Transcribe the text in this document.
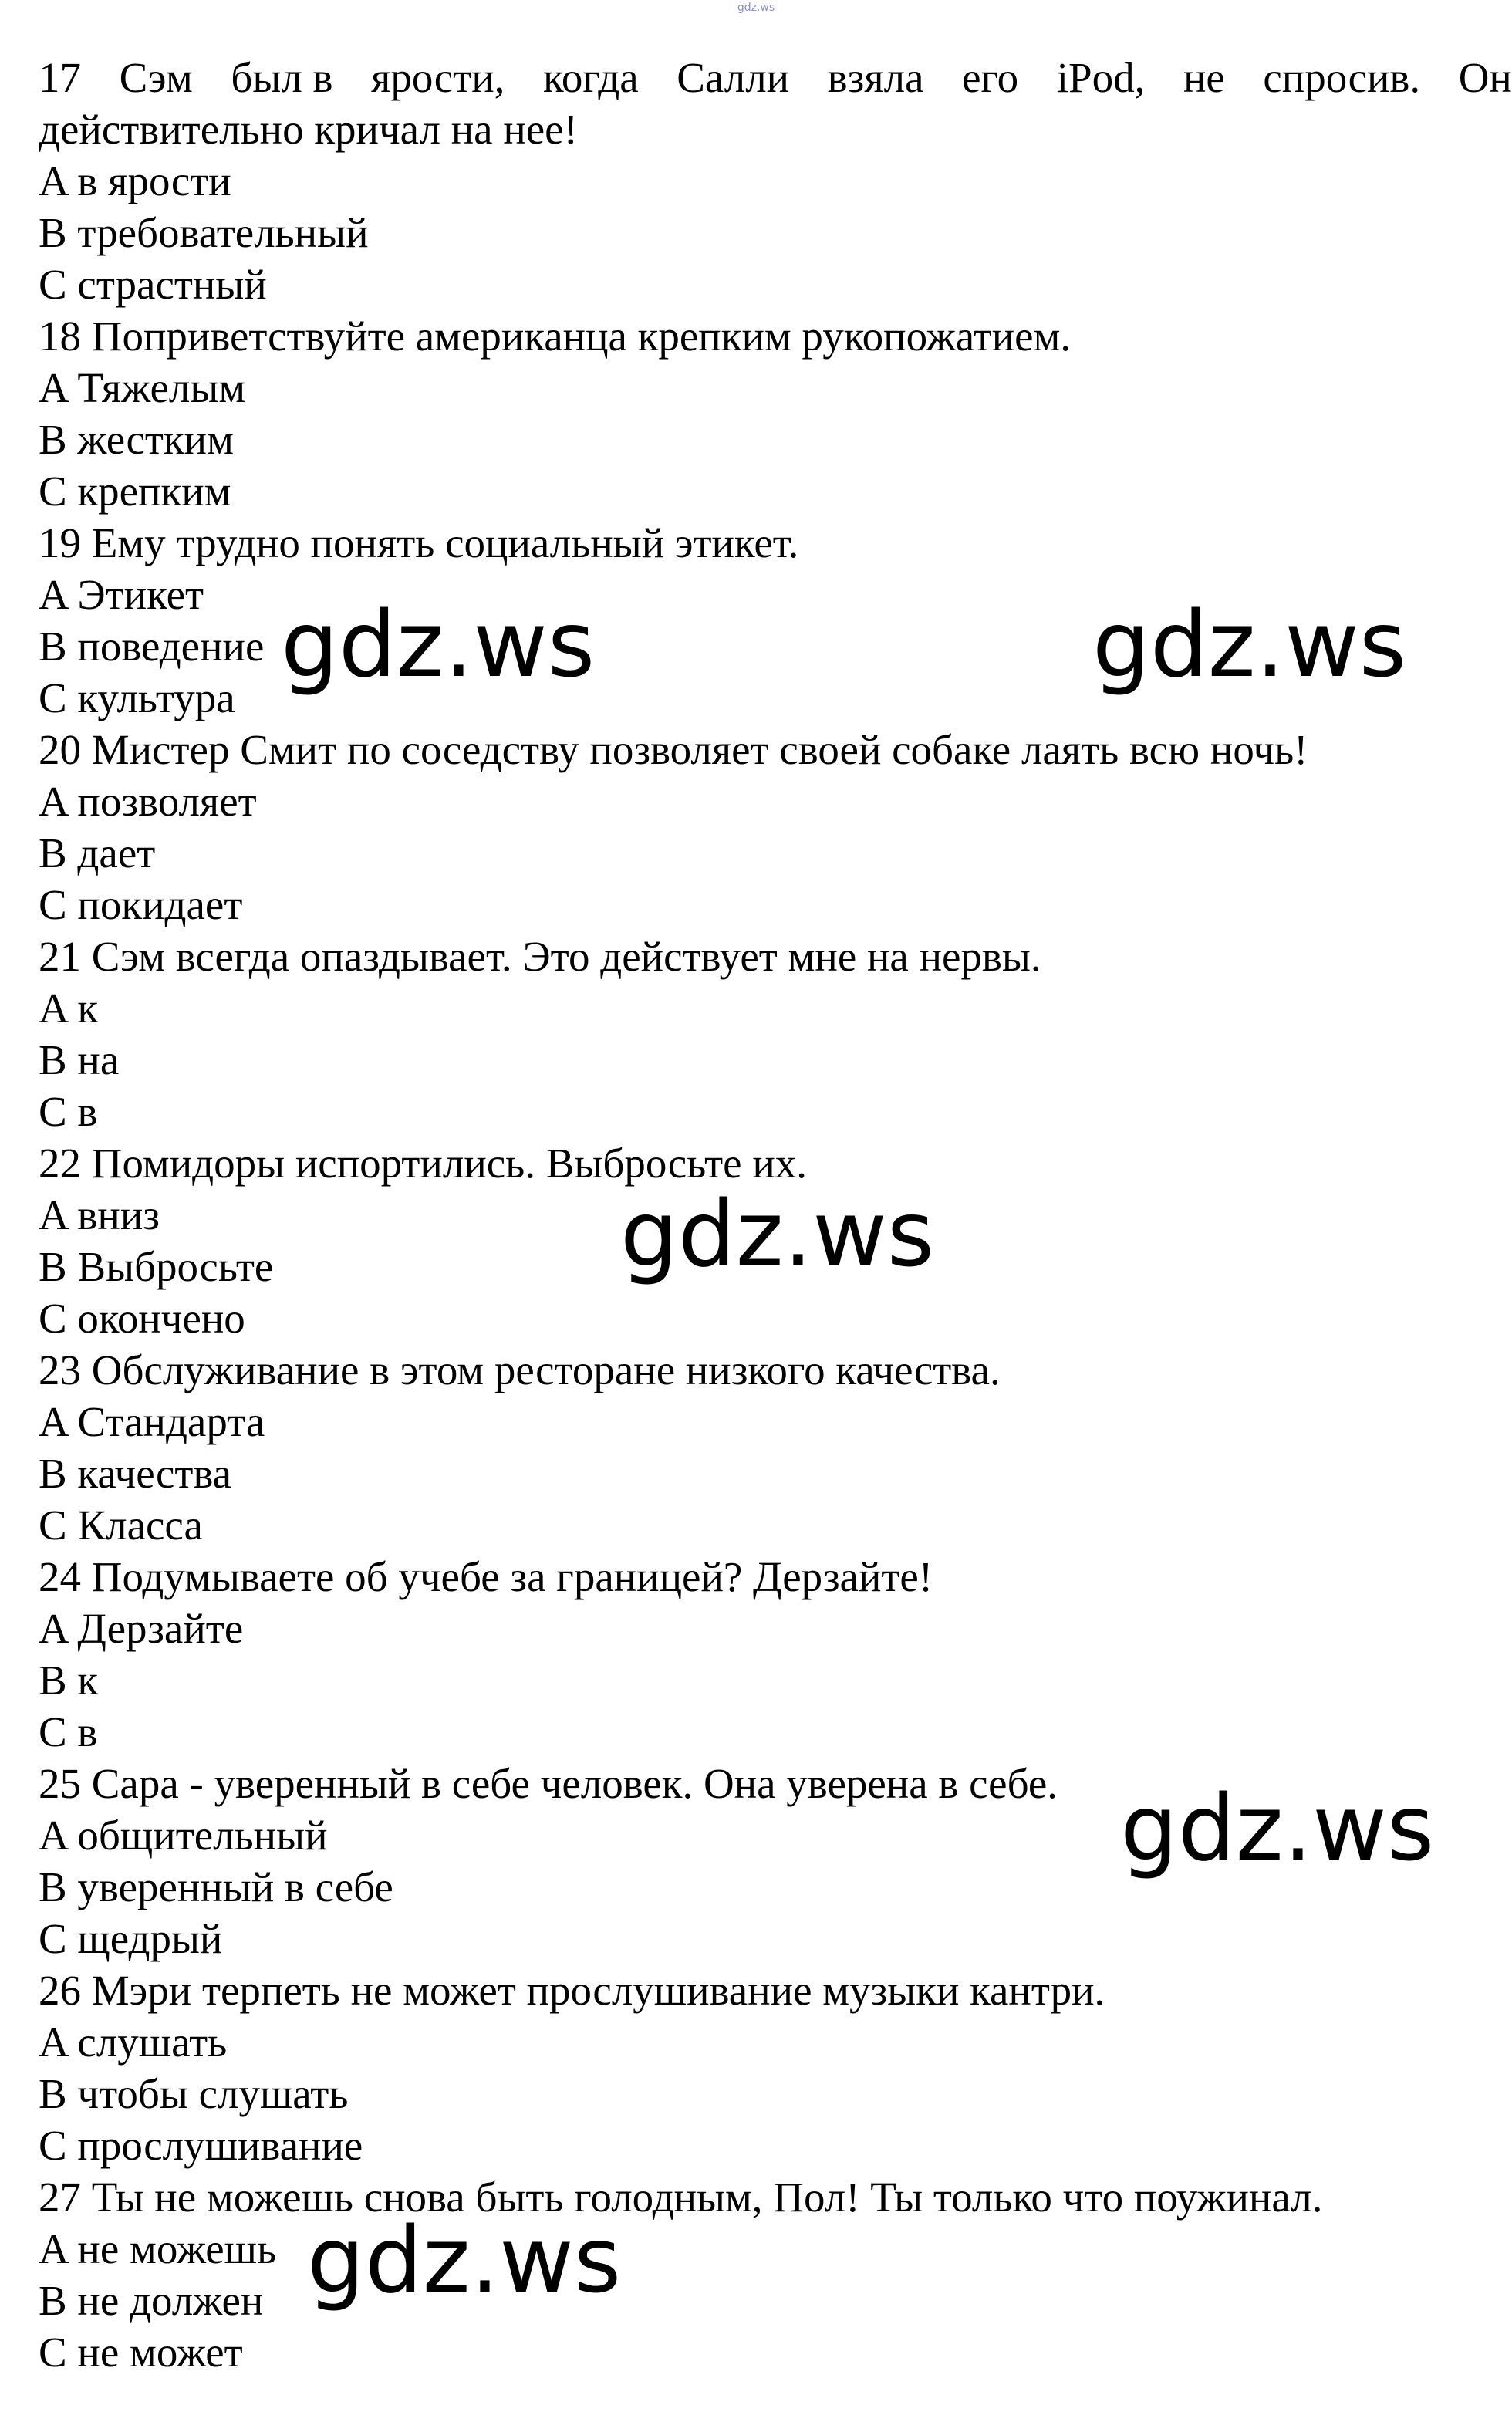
gdz.ws
17 Сэм был в ярости, когда Салли взяла его iPod, не спросив. Он
действительно кричал на нее!
A в ярости
B требовательный
C страстный
18 Поприветствуйте американца крепким рукопожатием.
A Тяжелым
B жестким
C крепким
19 Ему трудно понять социальный этикет.
A Этикет
B поведение
C культура
20 Мистер Смит по соседству позволяет своей собаке лаять всю ночь!
A позволяет
B дает
C покидает
21 Сэм всегда опаздывает. Это действует мне на нервы.
A к
B на
C в
22 Помидоры испортились. Выбросьте их.
A вниз
B Выбросьте
C окончено
23 Обслуживание в этом ресторане низкого качества.
A Стандарта
B качества
C Класса
24 Подумываете об учебе за границей? Дерзайте!
A Дерзайте
B к
C в
25 Сара - уверенный в себе человек. Она уверена в себе.
A общительный
B уверенный в себе
C щедрый
26 Мэри терпеть не может прослушивание музыки кантри.
A слушать
B чтобы слушать
C прослушивание
27 Ты не можешь снова быть голодным, Пол! Ты только что поужинал.
A не можешь
B не должен
C не может
gdz.ws	gdz.ws
gdz.ws
gdz.ws
gdz.ws
